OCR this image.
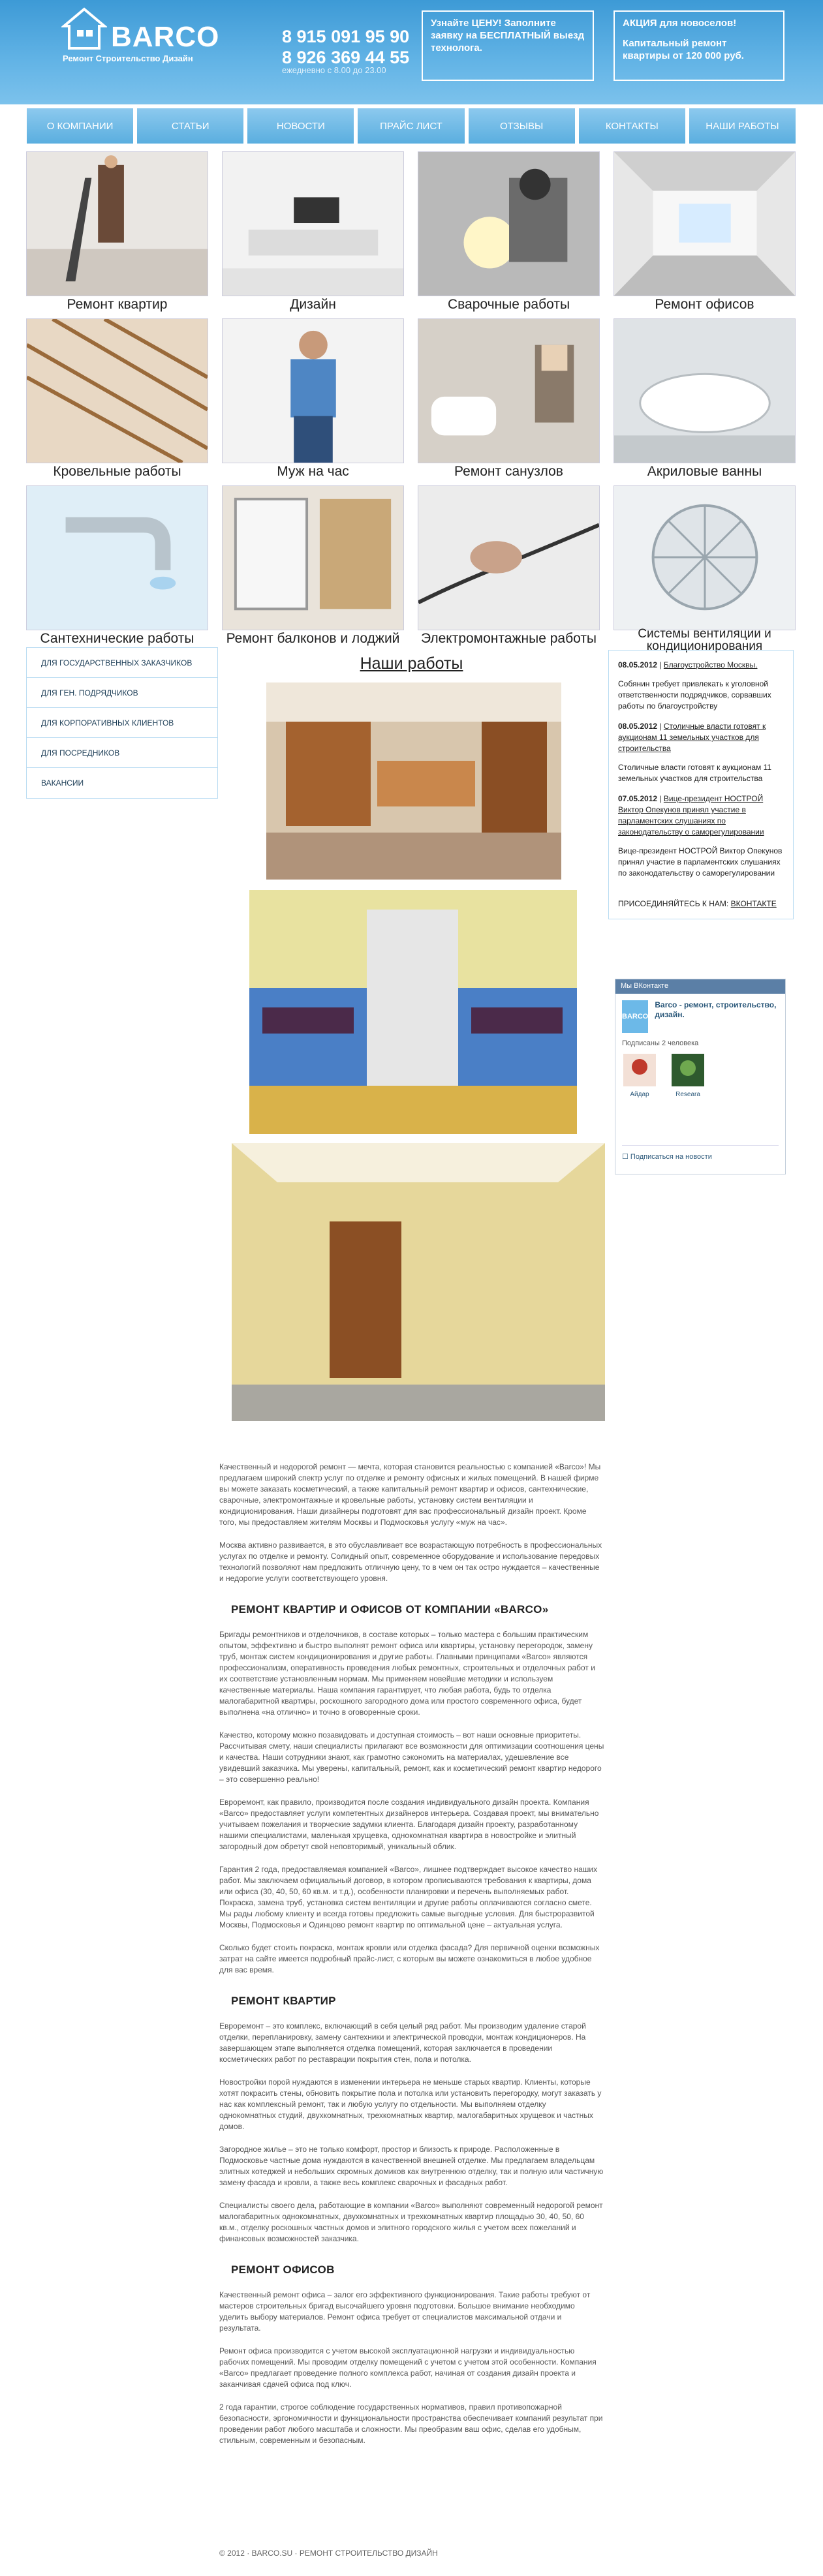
BARCO
Ремонт Строительство Дизайн
8 915 091 95 90
8 926 369 44 55
ежедневно с 8.00 до 23.00
Узнайте ЦЕНУ! Заполните заявку на БЕСПЛАТНЫЙ выезд технолога.
АКЦИЯ для новоселов!
Капитальный ремонт квартиры от 120 000 руб.
О КОМПАНИИ	СТАТЬИ	НОВОСТИ	ПРАЙС ЛИСТ	ОТЗЫВЫ	КОНТАКТЫ	НАШИ РАБОТЫ
Ремонт квартир	Дизайн	Сварочные работы	Ремонт офисов
Кровельные работы	Муж на час	Ремонт санузлов	Акриловые ванны
Сантехнические работы	Ремонт балконов и лоджий	Электромонтажные работы	Системы вентиляции и кондиционирования
ДЛЯ ГОСУДАРСТВЕННЫХ ЗАКАЗЧИКОВ
ДЛЯ ГЕН. ПОДРЯДЧИКОВ
ДЛЯ КОРПОРАТИВНЫХ КЛИЕНТОВ
ДЛЯ ПОСРЕДНИКОВ
ВАКАНСИИ
Наши работы	08.05.2012 | Благоустройство Москвы.
Собянин требует привлекать к уголовной ответственности подрядчиков, сорвавших работы по благоустройству
08.05.2012 | Столичные власти готовят к аукционам 11 земельных участков для строительства
Столичные власти готовят к аукционам 11 земельных участков для строительства
07.05.2012 | Вице-президент НОСТРОЙ Виктор Опекунов принял участие в парламентских слушаниях по законодательству о саморегулировании
Вице-президент НОСТРОЙ Виктор Опекунов принял участие в парламентских слушаниях по законодательству о саморегулировании
ПРИСОЕДИНЯЙТЕСЬ К НАМ: ВКОНТАКТЕ
Мы ВКонтакте
BARCO
Barco - ремонт, строительство, дизайн.
Подписаны 2 человека
Айдар	Researa
☐ Подписаться на новости

Качественный и недорогой ремонт — мечта, которая становится реальностью с компанией «Barco»! Мы предлагаем широкий спектр услуг по отделке и ремонту офисных и жилых помещений. В нашей фирме вы можете заказать косметический, а также капитальный ремонт квартир и офисов, сантехнические, сварочные, электромонтажные и кровельные работы, установку систем вентиляции и кондиционирования. Наши дизайнеры подготовят для вас профессиональный дизайн проект. Кроме того, мы предоставляем жителям Москвы и Подмосковья услугу «муж на час».

Москва активно развивается, в это обуславливает все возрастающую потребность в профессиональных услугах по отделке и ремонту. Солидный опыт, современное оборудование и использование передовых технологий позволяют нам предложить отличную цену, то в чем он так остро нуждается – качественные и недорогие услуги соответствующего уровня.

РЕМОНТ КВАРТИР И ОФИСОВ ОТ КОМПАНИИ «BARCO»

Бригады ремонтников и отделочников, в составе которых – только мастера с большим практическим опытом, эффективно и быстро выполнят ремонт офиса или квартиры, установку перегородок, замену труб, монтаж систем кондиционирования и другие работы. Главными принципами «Barco» являются профессионализм, оперативность проведения любых ремонтных, строительных и отделочных работ и их соответствие установленным нормам. Мы применяем новейшие методики и используем качественные материалы. Наша компания гарантирует, что любая работа, будь то отделка малогабаритной квартиры, роскошного загородного дома или простого современного офиса, будет выполнена «на отлично» и точно в оговоренные сроки.

Качество, которому можно позавидовать и доступная стоимость – вот наши основные приоритеты. Рассчитывая смету, наши специалисты прилагают все возможности для оптимизации соотношения цены и качества. Наши сотрудники знают, как грамотно сэкономить на материалах, удешевление все увидевший заказчика. Мы уверены, капитальный, ремонт, как и косметический ремонт квартир недорого – это совершенно реально!

Евроремонт, как правило, производится после создания индивидуального дизайн проекта. Компания «Barco» предоставляет услуги компетентных дизайнеров интерьера. Создавая проект, мы внимательно учитываем пожелания и творческие задумки клиента. Благодаря дизайн проекту, разработанному нашими специалистами, маленькая хрущевка, однокомнатная квартира в новостройке и элитный загородный дом обретут свой неповторимый, уникальный облик.

Гарантия 2 года, предоставляемая компанией «Barco», лишнее подтверждает высокое качество наших работ. Мы заключаем официальный договор, в котором прописываются требования к квартиры, дома или офиса (30, 40, 50, 60 кв.м. и т.д.), особенности планировки и перечень выполняемых работ. Покраска, замена труб, установка систем вентиляции и другие работы оплачиваются согласно смете. Мы рады любому клиенту и всегда готовы предложить самые выгодные условия. Для быстроразвитой Москвы, Подмосковья и Одинцово ремонт квартир по оптимальной цене – актуальная услуга.

Сколько будет стоить покраска, монтаж кровли или отделка фасада? Для первичной оценки возможных затрат на сайте имеется подробный прайс-лист, с которым вы можете ознакомиться в любое удобное для вас время.

РЕМОНТ КВАРТИР

Евроремонт – это комплекс, включающий в себя целый ряд работ. Мы производим удаление старой отделки, перепланировку, замену сантехники и электрической проводки, монтаж кондиционеров. На завершающем этапе выполняется отделка помещений, которая заключается в проведении косметических работ по реставрации покрытия стен, пола и потолка.

Новостройки порой нуждаются в изменении интерьера не меньше старых квартир. Клиенты, которые хотят покрасить стены, обновить покрытие пола и потолка или установить перегородку, могут заказать у нас как комплексный ремонт, так и любую услугу по отдельности. Мы выполняем отделку однокомнатных студий, двухкомнатных, трехкомнатных квартир, малогабаритных хрущевок и частных домов.

Загородное жилье – это не только комфорт, простор и близость к природе. Расположенные в Подмосковье частные дома нуждаются в качественной внешней отделке. Мы предлагаем владельцам элитных котеджей и небольших скромных домиков как внутреннюю отделку, так и полную или частичную замену фасада и кровли, а также весь комплекс сварочных и фасадных работ.

Специалисты своего дела, работающие в компании «Barco» выполняют современный недорогой ремонт малогабаритных однокомнатных, двухкомнатных и трехкомнатных квартир площадью 30, 40, 50, 60 кв.м., отделку роскошных частных домов и элитного городского жилья с учетом всех пожеланий и финансовых возможностей заказчика.

РЕМОНТ ОФИСОВ

Качественный ремонт офиса – залог его эффективного функционирования. Такие работы требуют от мастеров строительных бригад высочайшего уровня подготовки. Большое внимание необходимо уделить выбору материалов. Ремонт офиса требует от специалистов максимальной отдачи и результата.

Ремонт офиса производится с учетом высокой эксплуатационной нагрузки и индивидуальностью рабочих помещений. Мы проводим отделку помещений с учетом с учетом этой особенности. Компания «Barco» предлагает проведение полного комплекса работ, начиная от создания дизайн проекта и заканчивая сдачей офиса под ключ.

2 года гарантии, строгое соблюдение государственных нормативов, правил противопожарной безопасности, эргономичности и функциональности пространства обеспечивает компаний результат при проведении работ любого масштаба и сложности. Мы преобразим ваш офис, сделав его удобным, стильным, современным и безопасным.

© 2012 · BARCO.SU · РЕМОНТ СТРОИТЕЛЬСТВО ДИЗАЙН
